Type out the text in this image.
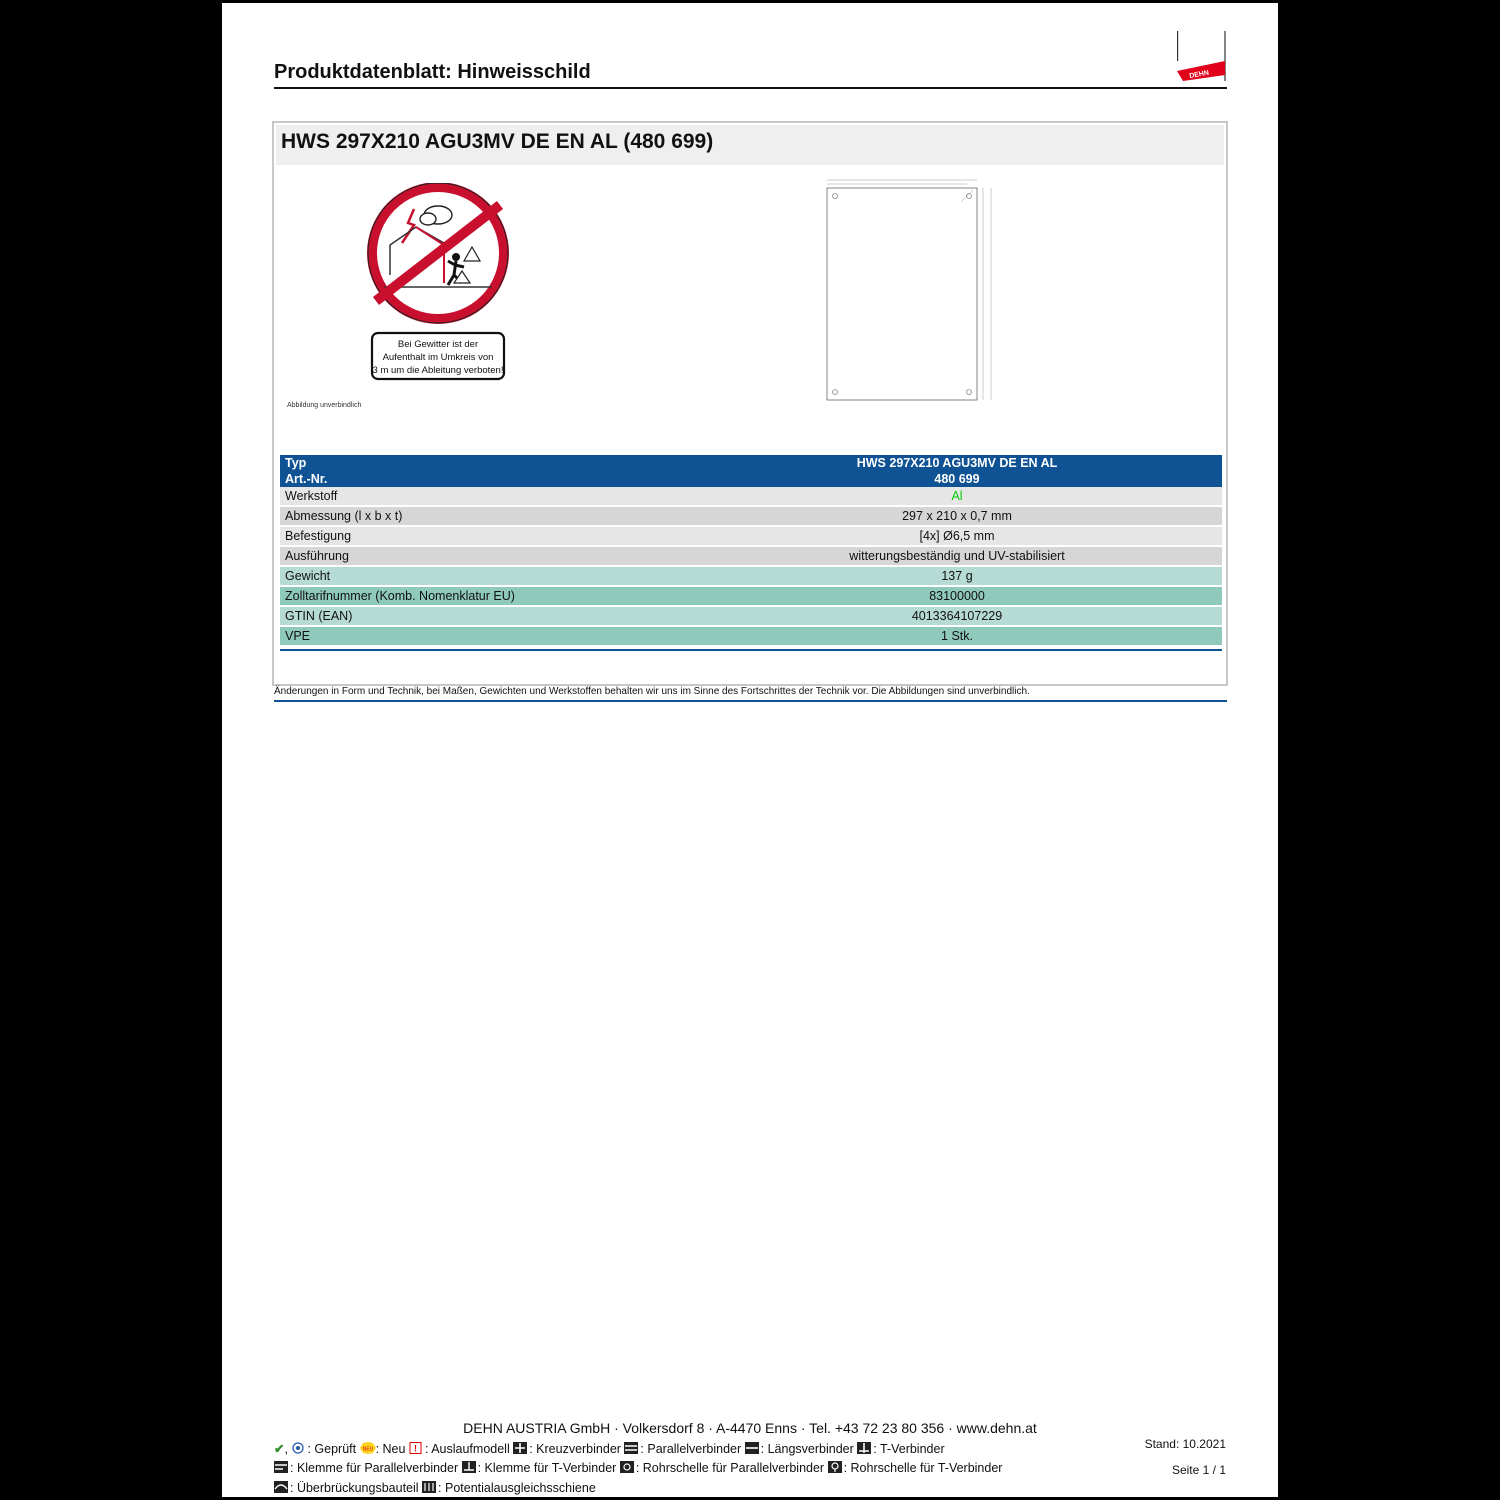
Produktdatenblatt: Hinweisschild	DEHN
HWS 297X210 AGU3MV DE EN AL (480 699)
Bei Gewitter ist der
Aufenthalt im Umkreis von
3 m um die Ableitung verboten!
Abbildung unverbindlich
Typ	HWS 297X210 AGU3MV DE EN AL
Art.-Nr.	480 699
Werkstoff	Al
Abmessung (l x b x t)	297 x 210 x 0,7 mm
Befestigung	[4x] Ø6,5 mm
Ausführung	witterungsbeständig und UV-stabilisiert
Gewicht	137 g
Zolltarifnummer (Komb. Nomenklatur EU)	83100000
GTIN (EAN)	4013364107229
VPE	1 Stk.
Änderungen in Form und Technik, bei Maßen, Gewichten und Werkstoffen behalten wir uns im Sinne des Fortschrittes der Technik vor. Die Abbildungen sind unverbindlich.
DEHN AUSTRIA GmbH · Volkersdorf 8 · A-4470 Enns · Tel. +43 72 23 80 356 · www.dehn.at
✔, : Geprüft NEU : Neu ! : Auslaufmodell : Kreuzverbinder : Parallelverbinder : Längsverbinder : T-Verbinder
: Klemme für Parallelverbinder : Klemme für T-Verbinder : Rohrschelle für Parallelverbinder : Rohrschelle für T-Verbinder
: Überbrückungsbauteil : Potentialausgleichsschiene
Stand: 10.2021
Seite 1 / 1
